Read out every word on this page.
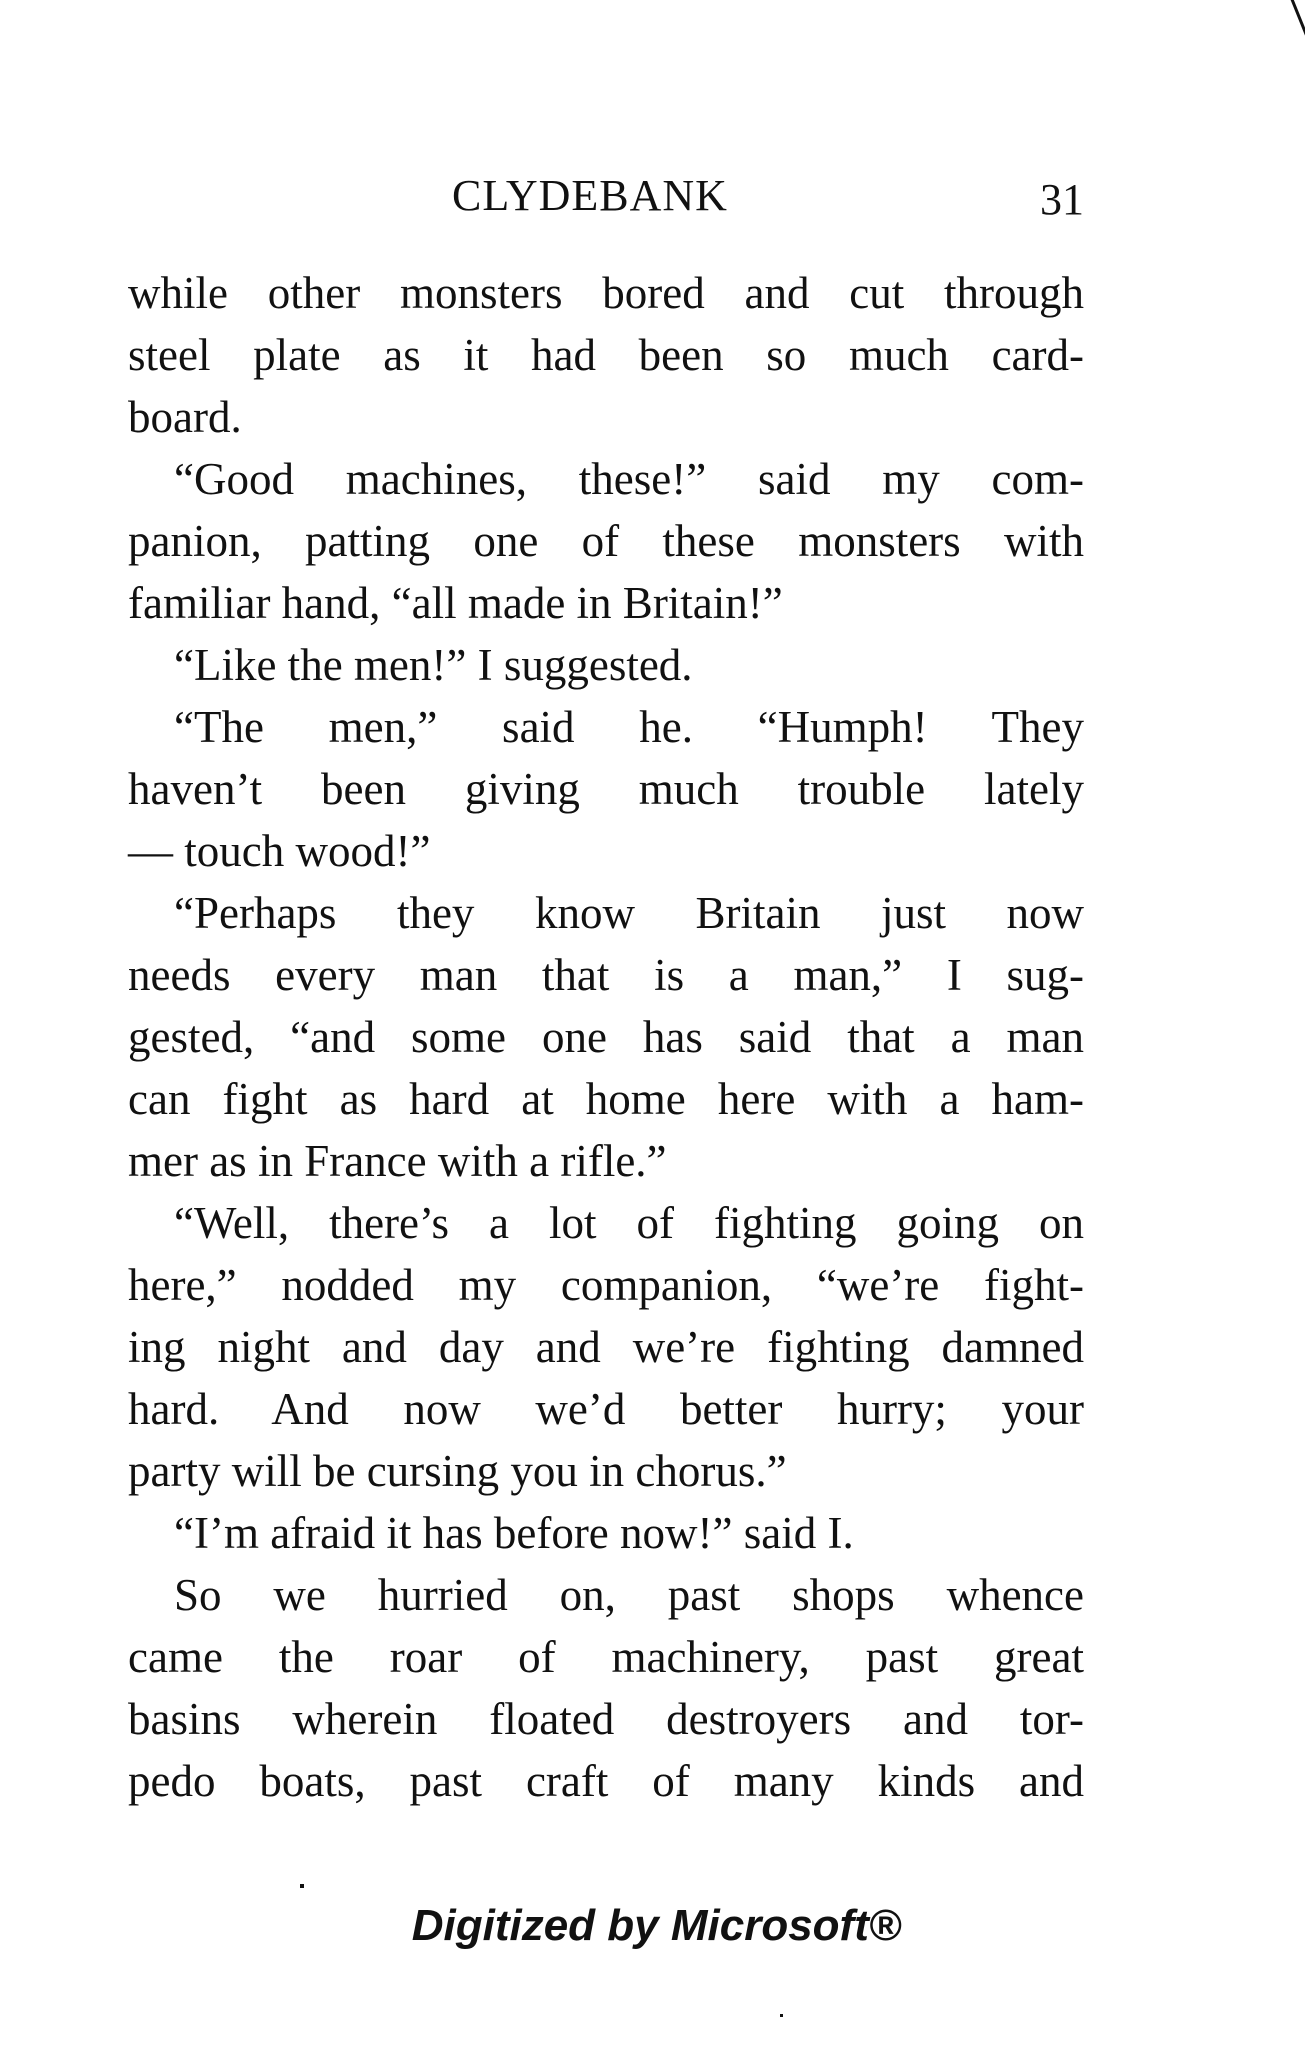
CLYDEBANK	31
while other monsters bored and cut through
steel plate as it had been so much card-
board.
“Good machines, these!” said my com-
panion, patting one of these monsters with
familiar hand, “all made in Britain!”
“Like the men!” I suggested.
“The men,” said he. “Humph! They
haven’t been giving much trouble lately
— touch wood!”
“Perhaps they know Britain just now
needs every man that is a man,” I sug-
gested, “and some one has said that a man
can fight as hard at home here with a ham-
mer as in France with a rifle.”
“Well, there’s a lot of fighting going on
here,” nodded my companion, “we’re fight-
ing night and day and we’re fighting damned
hard. And now we’d better hurry; your
party will be cursing you in chorus.”
“I’m afraid it has before now!” said I.
So we hurried on, past shops whence
came the roar of machinery, past great
basins wherein floated destroyers and tor-
pedo boats, past craft of many kinds and
Digitized by Microsoft®
